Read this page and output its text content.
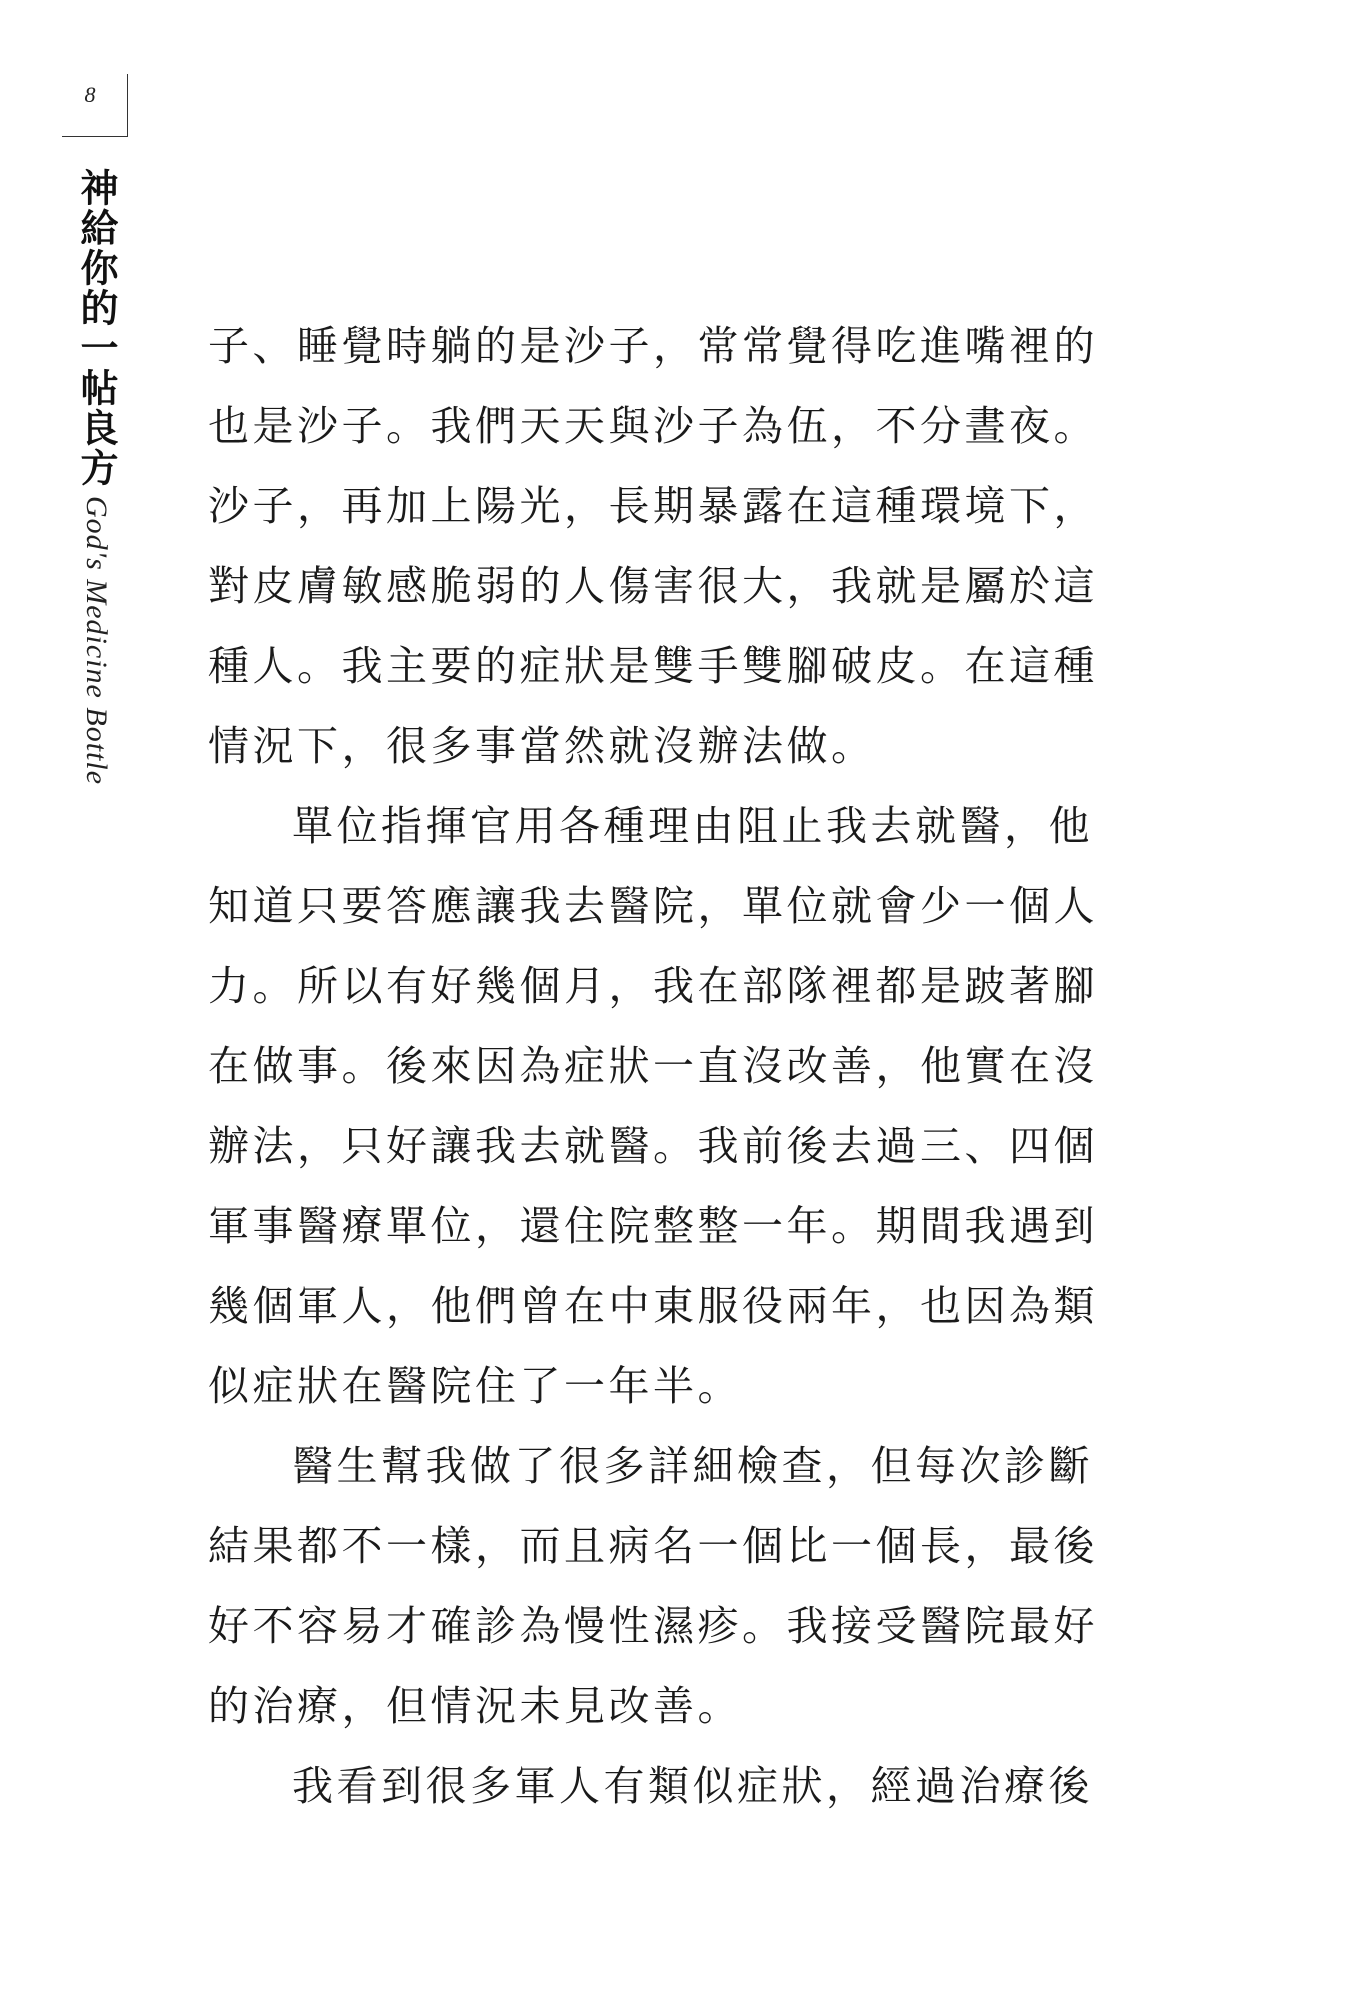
8
神給你的一帖良方
God's Medicine Bottle
子、睡覺時躺的是沙子，常常覺得吃進嘴裡的
也是沙子。我們天天與沙子為伍，不分晝夜。
沙子，再加上陽光，長期暴露在這種環境下，
對皮膚敏感脆弱的人傷害很大，我就是屬於這
種人。我主要的症狀是雙手雙腳破皮。在這種
情況下，很多事當然就沒辦法做。
單位指揮官用各種理由阻止我去就醫，他
知道只要答應讓我去醫院，單位就會少一個人
力。所以有好幾個月，我在部隊裡都是跛著腳
在做事。後來因為症狀一直沒改善，他實在沒
辦法，只好讓我去就醫。我前後去過三、四個
軍事醫療單位，還住院整整一年。期間我遇到
幾個軍人，他們曾在中東服役兩年，也因為類
似症狀在醫院住了一年半。
醫生幫我做了很多詳細檢查，但每次診斷
結果都不一樣，而且病名一個比一個長，最後
好不容易才確診為慢性濕疹。我接受醫院最好
的治療，但情況未見改善。
我看到很多軍人有類似症狀，經過治療後
